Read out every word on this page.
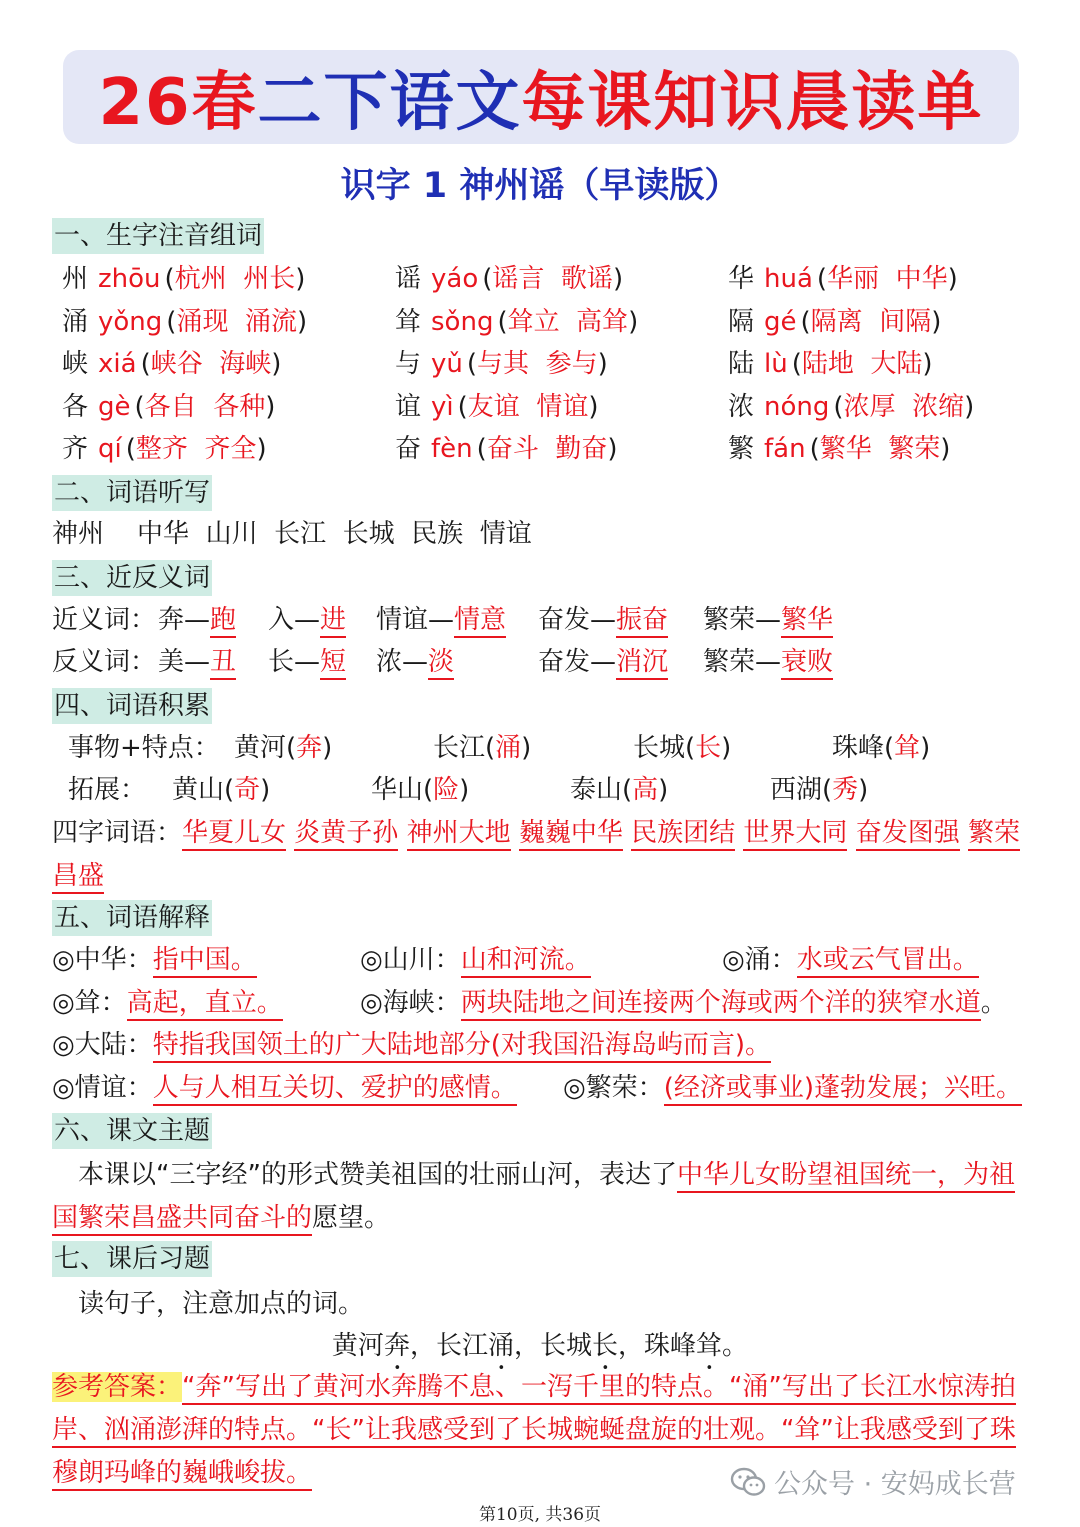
26春 二下语文 每课知识晨读单
识字 1 神州谣（早读版）
一、生字注音组词
州 zhōu (杭州  州长)	谣 yáo (谣言  歌谣)	华 huá (华丽  中华)
涌 yǒng (涌现  涌流)	耸 sǒng (耸立  高耸)	隔 gé (隔离  间隔)
峡 xiá (峡谷  海峡)	与 yǔ (与其  参与)	陆 lù (陆地  大陆)
各 gè (各自  各种)	谊 yì (友谊  情谊)	浓 nóng (浓厚  浓缩)
齐 qí (整齐  齐全)	奋 fèn (奋斗  勤奋)	繁 fán (繁华  繁荣)
二、词语听写
神州    中华  山川  长江  长城  民族  情谊
三、近反义词
近义词： 奔—跑 入—进 情谊—情意 奋发—振奋 繁荣—繁华
反义词： 美—丑 长—短 浓—淡	奋发—消沉 繁荣—衰败
四、词语积累
事物+特点： 黄河(奔)	长江(涌)	长城(长)	珠峰(耸)
拓展： 黄山(奇)	华山(险)	泰山(高)	西湖(秀)
四字词语：华夏儿女 炎黄子孙 神州大地 巍巍中华 民族团结 世界大同 奋发图强 繁荣昌盛
五、词语解释
◎中华：指中国。	◎山川：山和河流。	◎涌：水或云气冒出。
◎耸：高起，直立。	◎海峡：两块陆地之间连接两个海或两个洋的狭窄水道。
◎大陆：特指我国领土的广大陆地部分(对我国沿海岛屿而言)。
◎情谊：人与人相互关切、爱护的感情。 ◎繁荣：(经济或事业)蓬勃发展；兴旺。
六、课文主题
本课以“三字经”的形式赞美祖国的壮丽山河，表达了中华儿女盼望祖国统一，为祖国繁荣昌盛共同奋斗的愿望。
七、课后习题
读句子，注意加点的词。
黄河奔，长江涌，长城长，珠峰耸。
参考答案：“奔”写出了黄河水奔腾不息、一泻千里的特点。“涌”写出了长江水惊涛拍岸、汹涌澎湃的特点。“长”让我感受到了长城蜿蜒盘旋的壮观。“耸”让我感受到了珠穆朗玛峰的巍峨峻拔。	公众号 · 安妈成长营
第10页, 共36页
